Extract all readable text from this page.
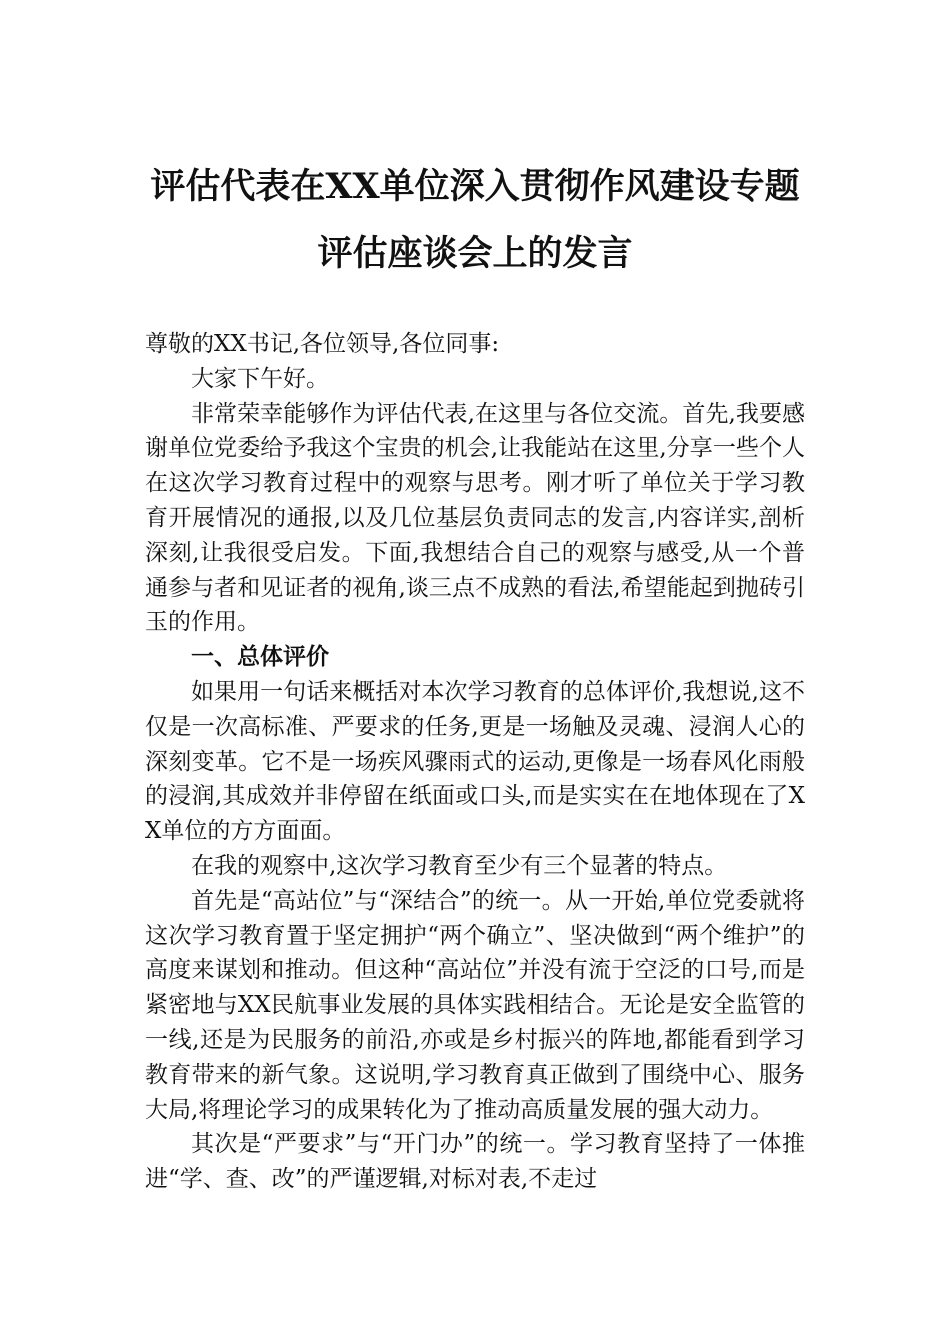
评估代表在XX单位深入贯彻作风建设专题
评估座谈会上的发言

尊敬的XX书记,各位领导,各位同事:

大家下午好。

非常荣幸能够作为评估代表,在这里与各位交流。首先,我要感谢单位党委给予我这个宝贵的机会,让我能站在这里,分享一些个人在这次学习教育过程中的观察与思考。刚才听了单位关于学习教育开展情况的通报,以及几位基层负责同志的发言,内容详实,剖析深刻,让我很受启发。下面,我想结合自己的观察与感受,从一个普通参与者和见证者的视角,谈三点不成熟的看法,希望能起到抛砖引玉的作用。

一、总体评价

如果用一句话来概括对本次学习教育的总体评价,我想说,这不仅是一次高标准、严要求的任务,更是一场触及灵魂、浸润人心的深刻变革。它不是一场疾风骤雨式的运动,更像是一场春风化雨般的浸润,其成效并非停留在纸面或口头,而是实实在在地体现在了XX单位的方方面面。

在我的观察中,这次学习教育至少有三个显著的特点。

首先是“高站位”与“深结合”的统一。从一开始,单位党委就将这次学习教育置于坚定拥护“两个确立”、坚决做到“两个维护”的高度来谋划和推动。但这种“高站位”并没有流于空泛的口号,而是紧密地与XX民航事业发展的具体实践相结合。无论是安全监管的一线,还是为民服务的前沿,亦或是乡村振兴的阵地,都能看到学习教育带来的新气象。这说明,学习教育真正做到了围绕中心、服务大局,将理论学习的成果转化为了推动高质量发展的强大动力。

其次是“严要求”与“开门办”的统一。学习教育坚持了一体推进“学、查、改”的严谨逻辑,对标对表,不走过
